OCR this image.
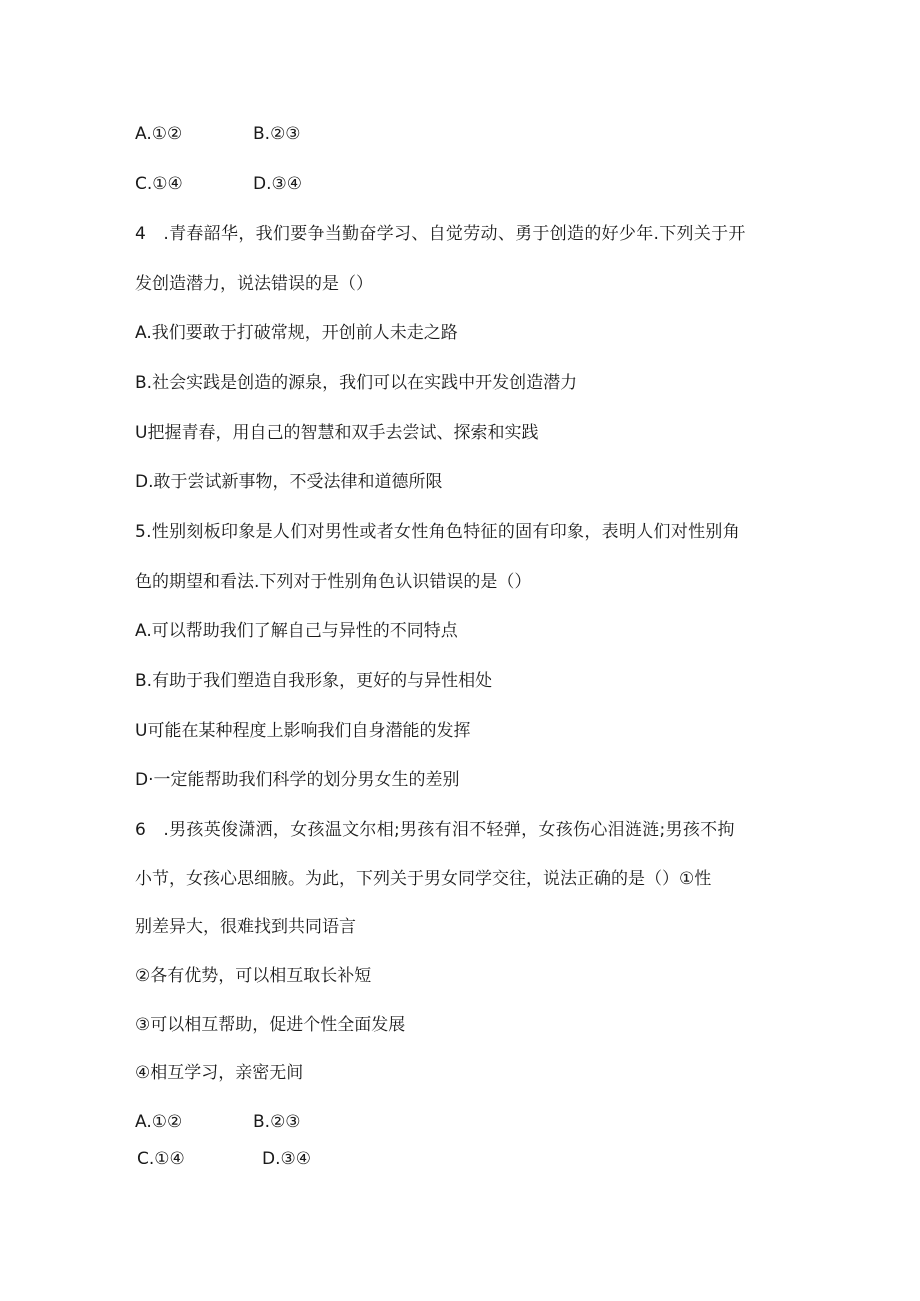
A.①②	B.②③
C.①④	D.③④
4　.青春韶华，我们要争当勤奋学习、自觉劳动、勇于创造的好少年.下列关于开
发创造潜力，说法错误的是（）
A.我们要敢于打破常规，开创前人未走之路
B.社会实践是创造的源泉，我们可以在实践中开发创造潜力
U把握青春，用自己的智慧和双手去尝试、探索和实践
D.敢于尝试新事物，不受法律和道德所限
5.性别刻板印象是人们对男性或者女性角色特征的固有印象，表明人们对性别角
色的期望和看法.下列对于性别角色认识错误的是（）
A.可以帮助我们了解自己与异性的不同特点
B.有助于我们塑造自我形象，更好的与异性相处
U可能在某种程度上影响我们自身潜能的发挥
D·一定能帮助我们科学的划分男女生的差别
6　.男孩英俊潇洒，女孩温文尔相;男孩有泪不轻弹，女孩伤心泪涟涟;男孩不拘
小节，女孩心思细腋。为此，下列关于男女同学交往，说法正确的是（）①性
别差异大，很难找到共同语言
②各有优势，可以相互取长补短
③可以相互帮助，促进个性全面发展
④相互学习，亲密无间
A.①②	B.②③
C.①④	D.③④
